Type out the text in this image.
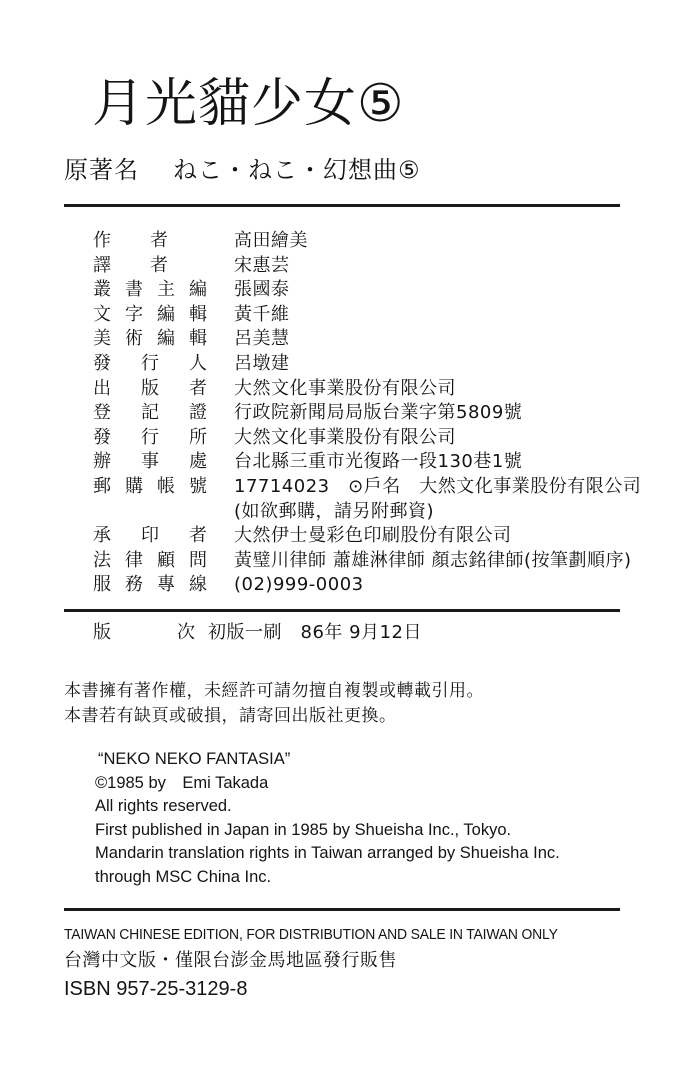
月光貓少女⑤
原著名 ねこ・ねこ・幻想曲⑤
作 者	高田繪美
譯 者	宋惠芸
叢 書 主 編 張國泰
文 字 編 輯 黃千維
美 術 編 輯 呂美慧
發 行 人 呂墩建
出 版 者 大然文化事業股份有限公司
登 記 證 行政院新聞局局版台業字第5809號
發 行 所 大然文化事業股份有限公司
辦 事 處 台北縣三重市光復路一段130巷1號
郵 購 帳 號 17714023　⊙戶名　大然文化事業股份有限公司
(如欲郵購，請另附郵資)
承 印 者 大然伊士曼彩色印刷股份有限公司
法 律 顧 問 黃璧川律師 蕭雄淋律師 顏志銘律師(按筆劃順序)
服 務 專 線 (02)999-0003
版	次 初版一刷　86年 9月12日
本書擁有著作權，未經許可請勿擅自複製或轉載引用。
本書若有缺頁或破損，請寄回出版社更換。
“NEKO NEKO FANTASIA”
©1985 by　Emi Takada
All rights reserved.
First published in Japan in 1985 by Shueisha Inc., Tokyo.
Mandarin translation rights in Taiwan arranged by Shueisha Inc.
through MSC China Inc.
TAIWAN CHINESE EDITION, FOR DISTRIBUTION AND SALE IN TAIWAN ONLY
台灣中文版・僅限台澎金馬地區發行販售
ISBN 957-25-3129-8
